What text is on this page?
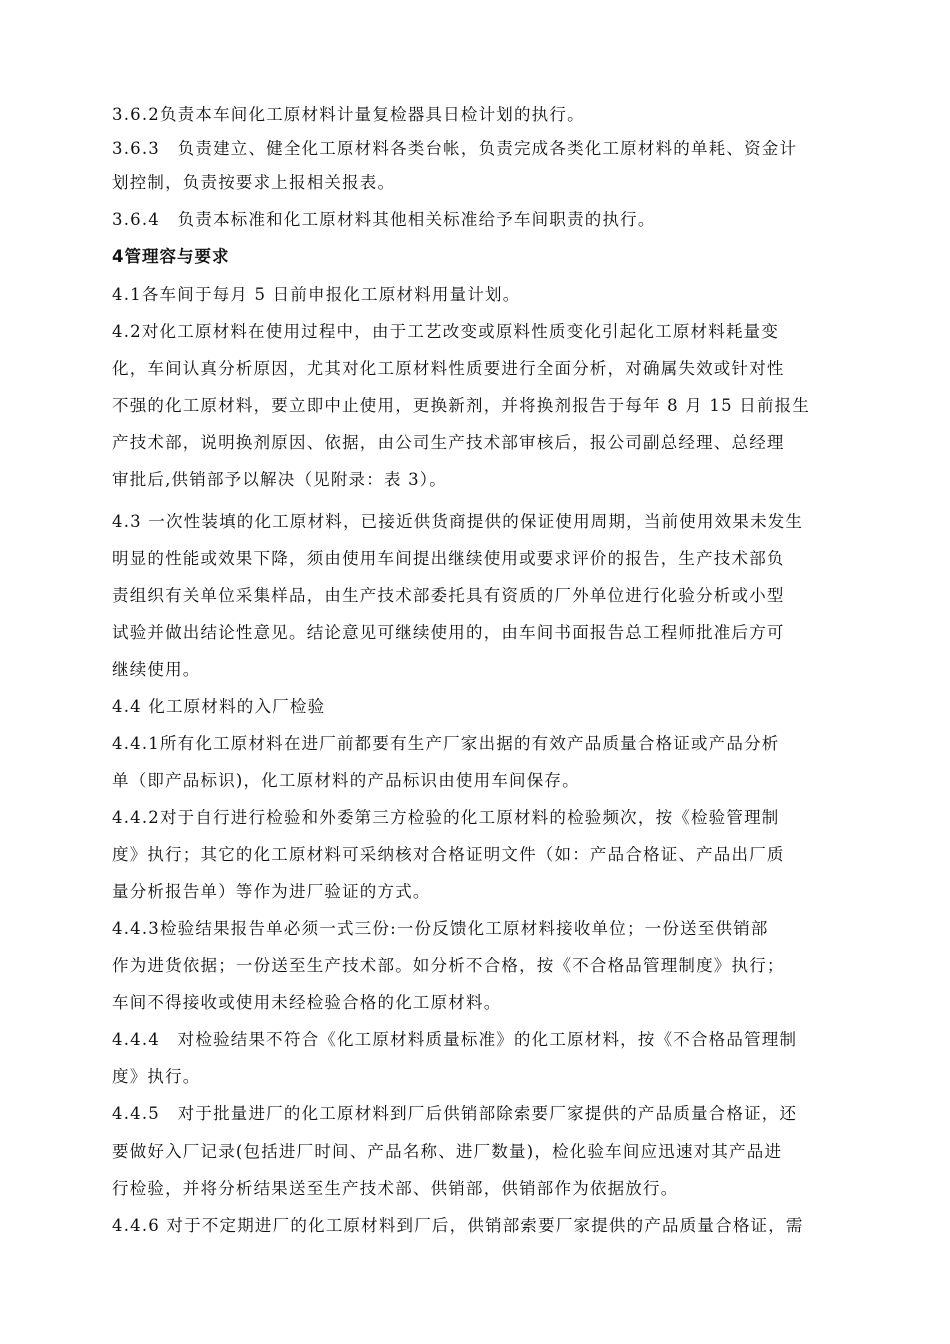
3.6.2负责本车间化工原材料计量复检器具日检计划的执行。
3.6.3　负责建立、健全化工原材料各类台帐，负责完成各类化工原材料的单耗、资金计
划控制，负责按要求上报相关报表。
3.6.4　负责本标准和化工原材料其他相关标准给予车间职责的执行。
4管理容与要求
4.1各车间于每月 5 日前申报化工原材料用量计划。
4.2对化工原材料在使用过程中，由于工艺改变或原料性质变化引起化工原材料耗量变
化，车间认真分析原因，尤其对化工原材料性质要进行全面分析，对确属失效或针对性
不强的化工原材料，要立即中止使用，更换新剂，并将换剂报告于每年 8 月 15 日前报生
产技术部，说明换剂原因、依据，由公司生产技术部审核后，报公司副总经理、总经理
审批后,供销部予以解决（见附录：表 3）。
4.3 一次性装填的化工原材料，已接近供货商提供的保证使用周期，当前使用效果未发生
明显的性能或效果下降，须由使用车间提出继续使用或要求评价的报告，生产技术部负
责组织有关单位采集样品，由生产技术部委托具有资质的厂外单位进行化验分析或小型
试验并做出结论性意见。结论意见可继续使用的，由车间书面报告总工程师批准后方可
继续使用。
4.4 化工原材料的入厂检验
4.4.1所有化工原材料在进厂前都要有生产厂家出据的有效产品质量合格证或产品分析
单（即产品标识)，化工原材料的产品标识由使用车间保存。
4.4.2对于自行进行检验和外委第三方检验的化工原材料的检验频次，按《检验管理制
度》执行；其它的化工原材料可采纳核对合格证明文件（如：产品合格证、产品出厂质
量分析报告单）等作为进厂验证的方式。
4.4.3检验结果报告单必须一式三份:一份反馈化工原材料接收单位；一份送至供销部
作为进货依据；一份送至生产技术部。如分析不合格，按《不合格品管理制度》执行；
车间不得接收或使用未经检验合格的化工原材料。
4.4.4　对检验结果不符合《化工原材料质量标准》的化工原材料，按《不合格品管理制
度》执行。
4.4.5　对于批量进厂的化工原材料到厂后供销部除索要厂家提供的产品质量合格证，还
要做好入厂记录(包括进厂时间、产品名称、进厂数量)，检化验车间应迅速对其产品进
行检验，并将分析结果送至生产技术部、供销部，供销部作为依据放行。
4.4.6 对于不定期进厂的化工原材料到厂后，供销部索要厂家提供的产品质量合格证，需
